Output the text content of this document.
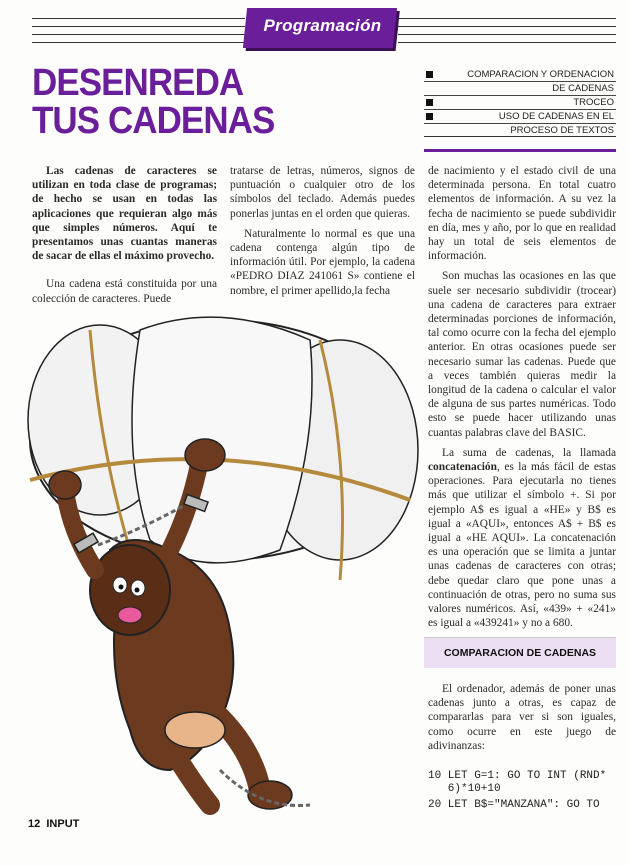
Programación
DESENREDA
TUS CADENAS
COMPARACION Y ORDENACION
DE CADENAS
TROCEO
USO DE CADENAS EN EL
PROCESO DE TEXTOS

Las cadenas de caracteres se utilizan en toda clase de programas; de hecho se usan en todas las aplicaciones que requieran algo más que simples números. Aquí te presentamos unas cuantas maneras de sacar de ellas el máximo provecho.

Una cadena está constituida por una colección de caracteres. Puede

tratarse de letras, números, signos de puntuación o cualquier otro de los símbolos del teclado. Además puedes ponerlas juntas en el orden que quieras.

Naturalmente lo normal es que una cadena contenga algún tipo de información útil. Por ejemplo, la cadena «PEDRO DIAZ 241061 S» contiene el nombre, el primer apellido,la fecha

de nacimiento y el estado civil de una determinada persona. En total cuatro elementos de información. A su vez la fecha de nacimiento se puede subdividir en día, mes y año, por lo que en realidad hay un total de seis elementos de información.

Son muchas las ocasiones en las que suele ser necesario subdividir (trocear) una cadena de caracteres para extraer determinadas porciones de información, tal como ocurre con la fecha del ejemplo anterior. En otras ocasiones puede ser necesario sumar las cadenas. Puede que a veces también quieras medir la longitud de la cadena o calcular el valor de alguna de sus partes numéricas. Todo esto se puede hacer utilizando unas cuantas palabras clave del BASIC.

La suma de cadenas, la llamada concatenación, es la más fácil de estas operaciones. Para ejecutarla no tienes más que utilizar el símbolo +. Si por ejemplo A$ es igual a «HE» y B$ es igual a «AQUI», entonces A$ + B$ es igual a «HE AQUI». La concatenación es una operación que se limita a juntar unas cadenas de caracteres con otras; debe quedar claro que pone unas a continuación de otras, pero no suma sus valores numéricos. Así, «439» + «241» es igual a «439241» y no a 680.

COMPARACION DE CADENAS

El ordenador, además de poner unas cadenas junto a otras, es capaz de compararlas para ver si son iguales, como ocurre en este juego de adivinanzas:

10 LET G=1: GO TO INT (RND*
6)*10+10
20 LET B$="MANZANA": GO TO
12 INPUT
